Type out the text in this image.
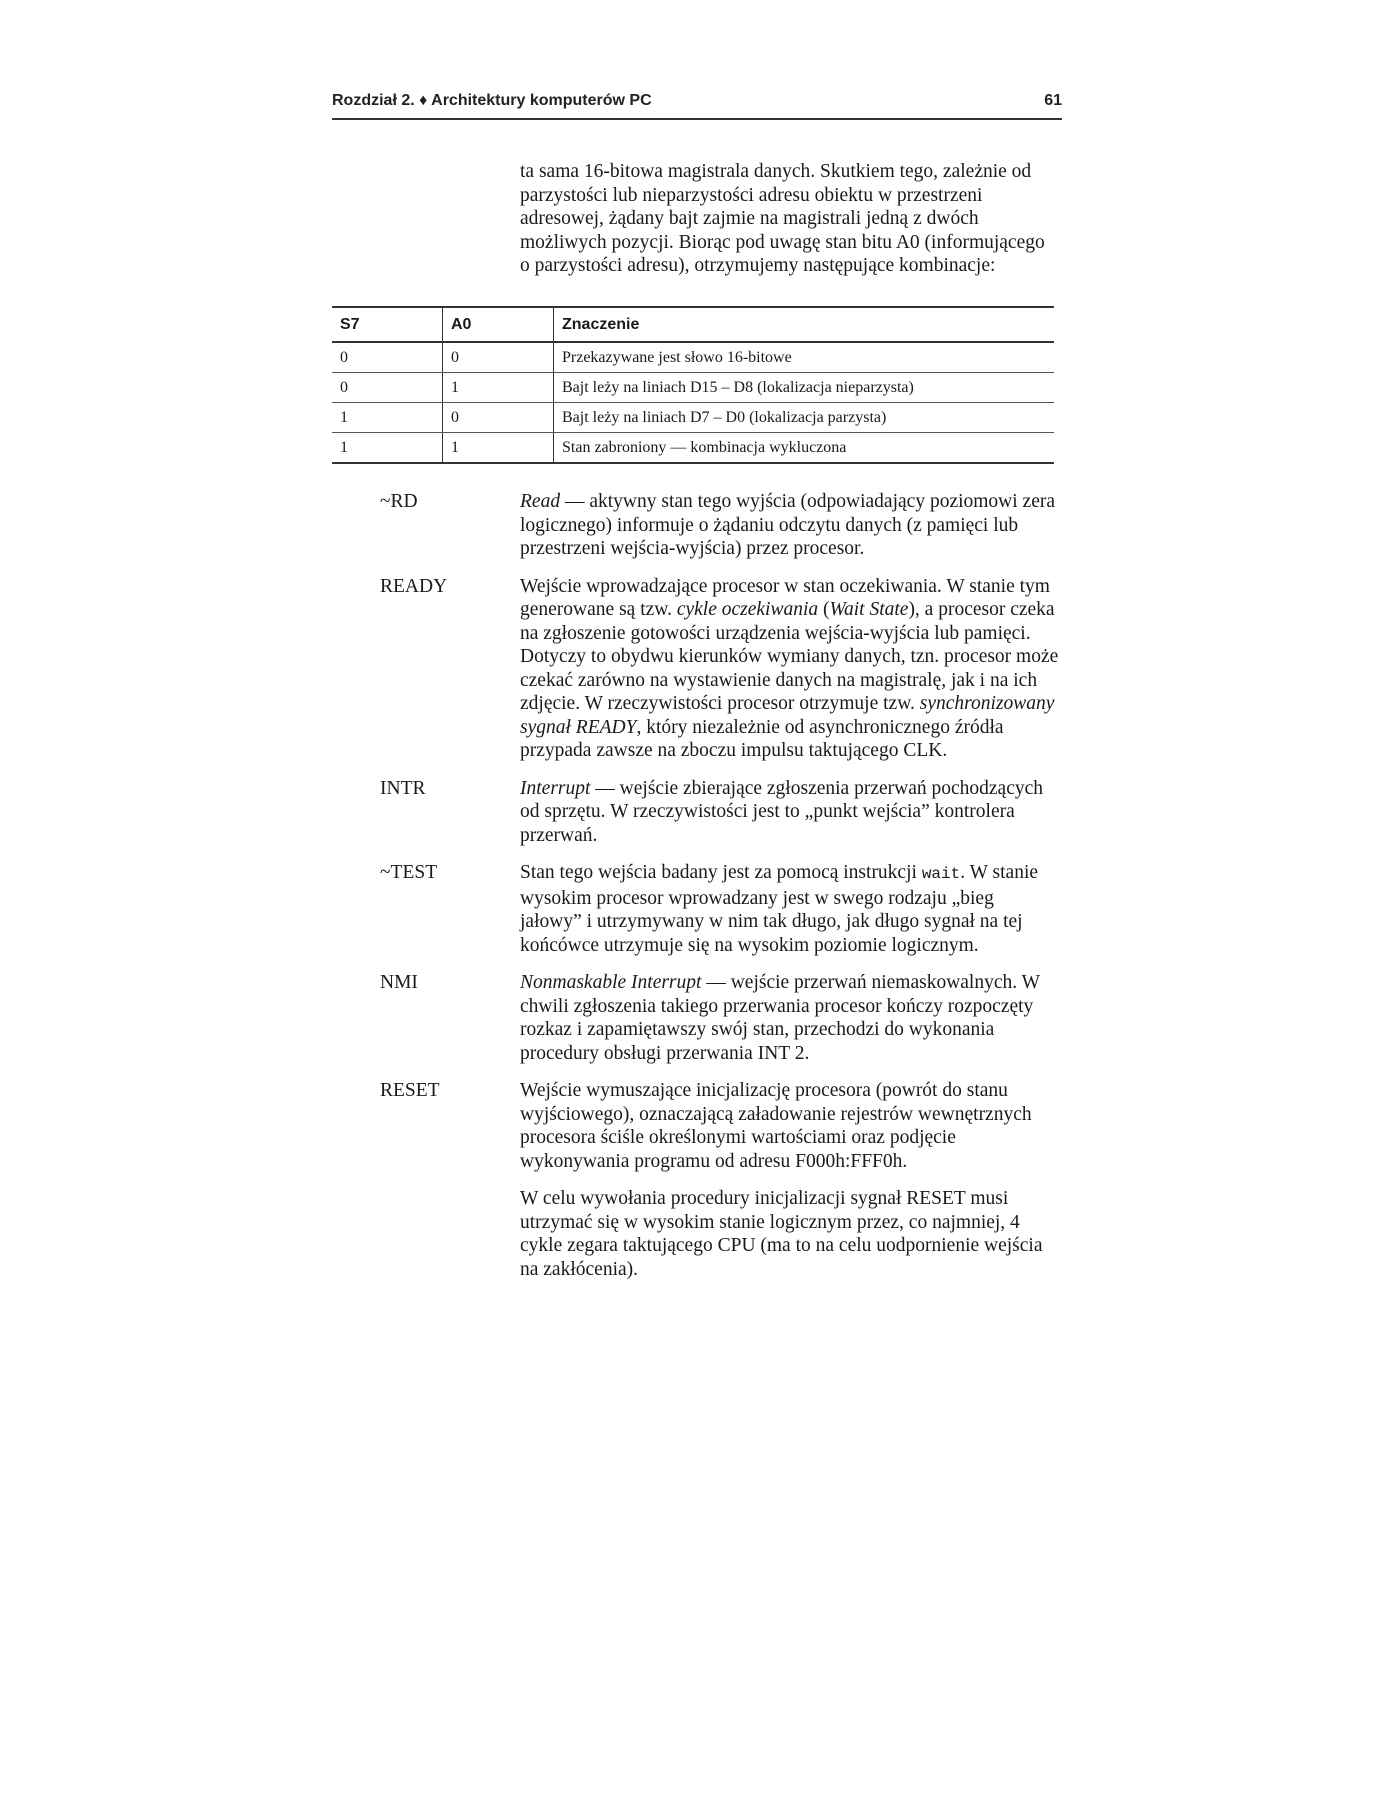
Rozdział 2. ♦ Architektury komputerów PC	61

ta sama 16-bitowa magistrala danych. Skutkiem tego, zależnie od parzystości lub nieparzystości adresu obiektu w przestrzeni adresowej, żądany bajt zajmie na magistrali jedną z dwóch możliwych pozycji. Biorąc pod uwagę stan bitu A0 (informującego o parzystości adresu), otrzymujemy następujące kombinacje:

S7	A0	Znaczenie
0	0	Przekazywane jest słowo 16-bitowe
0	1	Bajt leży na liniach D15 – D8 (lokalizacja nieparzysta)
1	0	Bajt leży na liniach D7 – D0 (lokalizacja parzysta)
1	1	Stan zabroniony — kombinacja wykluczona
~RD	Read — aktywny stan tego wyjścia (odpowiadający poziomowi zera logicznego) informuje o żądaniu odczytu danych (z pamięci lub przestrzeni wejścia-wyjścia) przez procesor.

READY	Wejście wprowadzające procesor w stan oczekiwania. W stanie tym generowane są tzw. cykle oczekiwania (Wait State), a procesor czeka na zgłoszenie gotowości urządzenia wejścia-wyjścia lub pamięci. Dotyczy to obydwu kierunków wymiany danych, tzn. procesor może czekać zarówno na wystawienie danych na magistralę, jak i na ich zdjęcie. W rzeczywistości procesor otrzymuje tzw. synchronizowany sygnał READY, który niezależnie od asynchronicznego źródła przypada zawsze na zboczu impulsu taktującego CLK.

INTR	Interrupt — wejście zbierające zgłoszenia przerwań pochodzących od sprzętu. W rzeczywistości jest to „punkt wejścia” kontrolera przerwań.

~TEST	Stan tego wejścia badany jest za pomocą instrukcji wait. W stanie wysokim procesor wprowadzany jest w swego rodzaju „bieg jałowy” i utrzymywany w nim tak długo, jak długo sygnał na tej końcówce utrzymuje się na wysokim poziomie logicznym.

NMI	Nonmaskable Interrupt — wejście przerwań niemaskowalnych. W chwili zgłoszenia takiego przerwania procesor kończy rozpoczęty rozkaz i zapamiętawszy swój stan, przechodzi do wykonania procedury obsługi przerwania INT 2.

RESET	Wejście wymuszające inicjalizację procesora (powrót do stanu wyjściowego), oznaczającą załadowanie rejestrów wewnętrznych procesora ściśle określonymi wartościami oraz podjęcie wykonywania programu od adresu F000h:FFF0h.

W celu wywołania procedury inicjalizacji sygnał RESET musi utrzymać się w wysokim stanie logicznym przez, co najmniej, 4 cykle zegara taktującego CPU (ma to na celu uodpornienie wejścia na zakłócenia).
